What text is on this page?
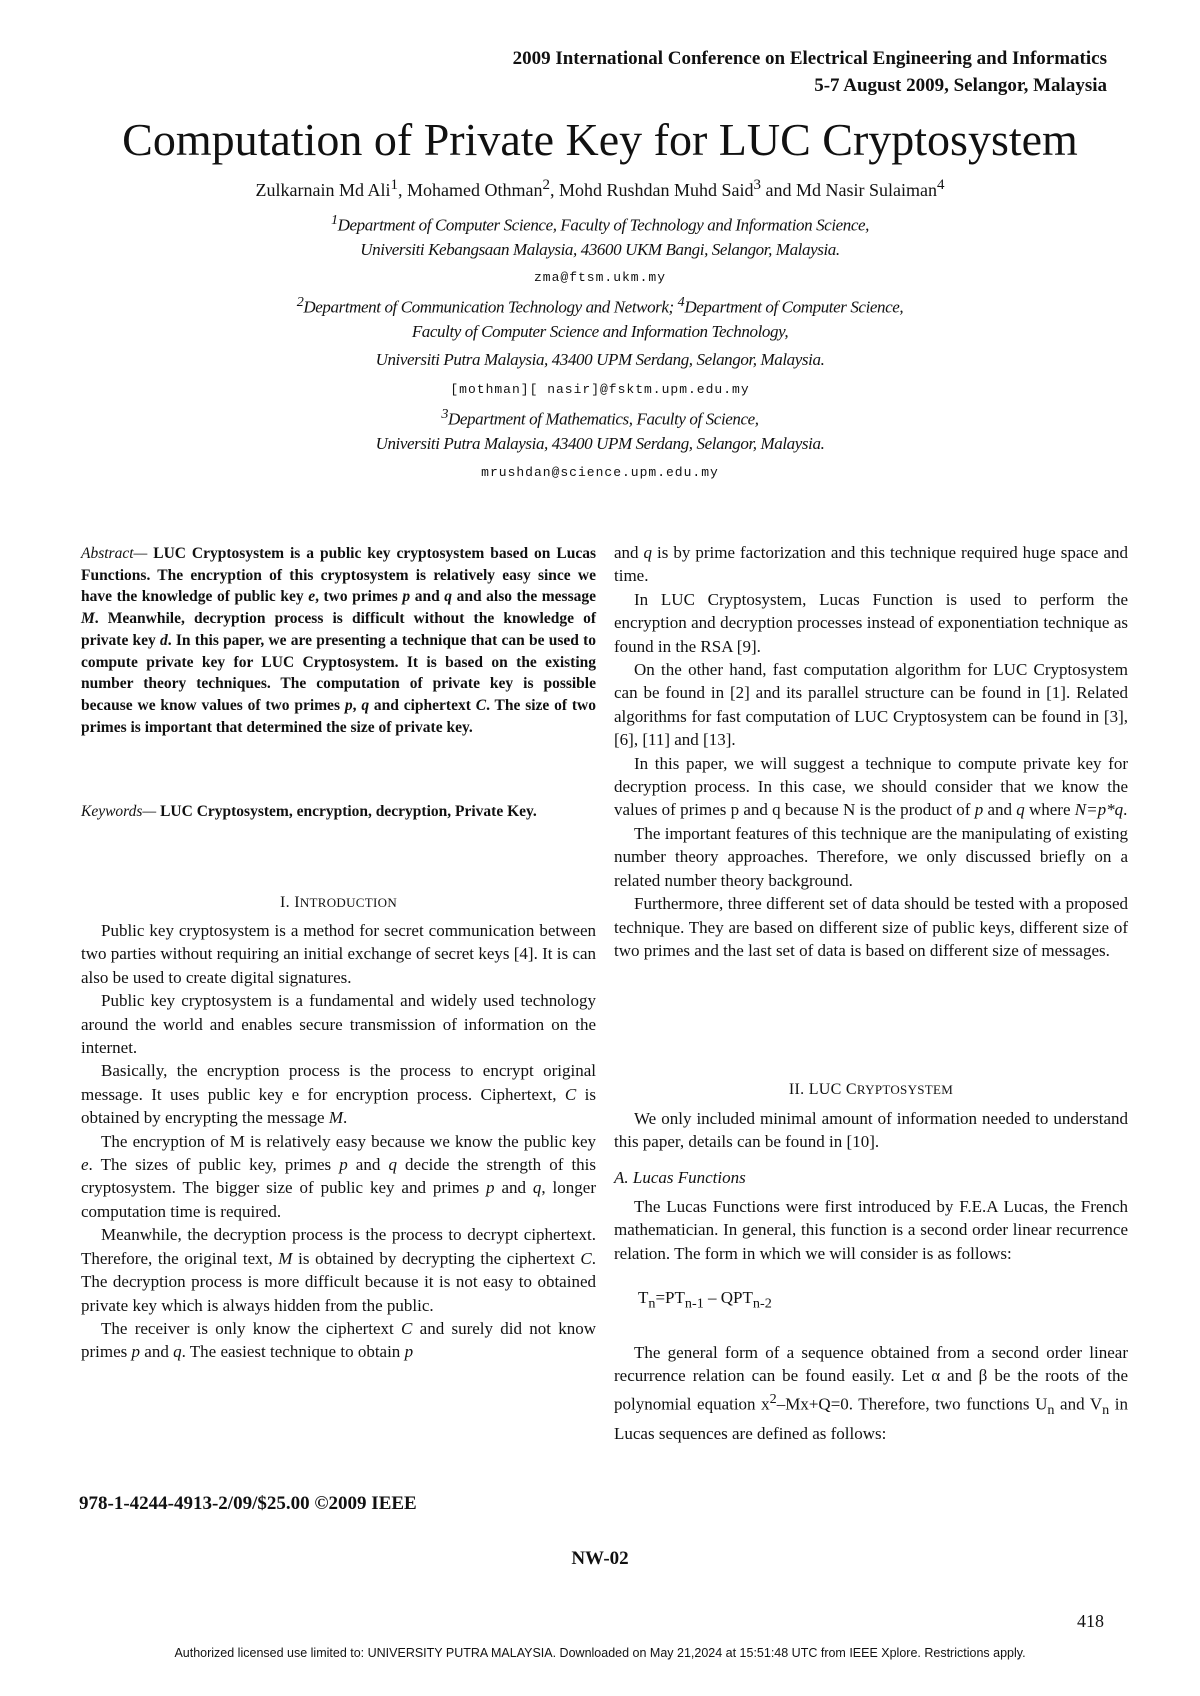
2009 International Conference on Electrical Engineering and Informatics
5-7 August 2009, Selangor, Malaysia
Computation of Private Key for LUC Cryptosystem
Zulkarnain Md Ali$^1$, Mohamed Othman$^2$, Mohd Rushdan Muhd Said$^3$ and Md Nasir Sulaiman$^4$
$^1$Department of Computer Science, Faculty of Technology and Information Science,
Universiti Kebangsaan Malaysia, 43600 UKM Bangi, Selangor, Malaysia.
zma@ftsm.ukm.my
$^2$Department of Communication Technology and Network; $^4$Department of Computer Science,
Faculty of Computer Science and Information Technology,
Universiti Putra Malaysia, 43400 UPM Serdang, Selangor, Malaysia.
[mothman][ nasir]@fsktm.upm.edu.my
$^3$Department of Mathematics, Faculty of Science,
Universiti Putra Malaysia, 43400 UPM Serdang, Selangor, Malaysia.
mrushdan@science.upm.edu.my
Abstract— LUC Cryptosystem is a public key cryptosystem based on Lucas Functions. The encryption of this cryptosystem is relatively easy since we have the knowledge of public key e, two primes p and q and also the message M. Meanwhile, decryption process is difficult without the knowledge of private key d. In this paper, we are presenting a technique that can be used to compute private key for LUC Cryptosystem. It is based on the existing number theory techniques. The computation of private key is possible because we know values of two primes p, q and ciphertext C. The size of two primes is important that determined the size of private key.
Keywords— LUC Cryptosystem, encryption, decryption, Private Key.
I. INTRODUCTION

Public key cryptosystem is a method for secret communication between two parties without requiring an initial exchange of secret keys [4]. It is can also be used to create digital signatures.

Public key cryptosystem is a fundamental and widely used technology around the world and enables secure transmission of information on the internet.

Basically, the encryption process is the process to encrypt original message. It uses public key e for encryption process. Ciphertext, C is obtained by encrypting the message M.

The encryption of M is relatively easy because we know the public key e. The sizes of public key, primes p and q decide the strength of this cryptosystem. The bigger size of public key and primes p and q, longer computation time is required.

Meanwhile, the decryption process is the process to decrypt ciphertext. Therefore, the original text, M is obtained by decrypting the ciphertext C. The decryption process is more difficult because it is not easy to obtained private key which is always hidden from the public.

The receiver is only know the ciphertext C and surely did not know primes p and q. The easiest technique to obtain p

and q is by prime factorization and this technique required huge space and time.

In LUC Cryptosystem, Lucas Function is used to perform the encryption and decryption processes instead of exponentiation technique as found in the RSA [9].

On the other hand, fast computation algorithm for LUC Cryptosystem can be found in [2] and its parallel structure can be found in [1]. Related algorithms for fast computation of LUC Cryptosystem can be found in [3], [6], [11] and [13].

In this paper, we will suggest a technique to compute private key for decryption process. In this case, we should consider that we know the values of primes p and q because N is the product of p and q where N=p*q.

The important features of this technique are the manipulating of existing number theory approaches. Therefore, we only discussed briefly on a related number theory background.

Furthermore, three different set of data should be tested with a proposed technique. They are based on different size of public keys, different size of two primes and the last set of data is based on different size of messages.

II. LUC CRYPTOSYSTEM

We only included minimal amount of information needed to understand this paper, details can be found in [10].

A. Lucas Functions

The Lucas Functions were first introduced by F.E.A Lucas, the French mathematician. In general, this function is a second order linear recurrence relation. The form in which we will consider is as follows:

$T_n=PT_{n-1} - QPT_{n-2}$

The general form of a sequence obtained from a second order linear recurrence relation can be found easily. Let α and β be the roots of the polynomial equation $x^2-Mx+Q=0$. Therefore, two functions $U_n$ and $V_n$ in Lucas sequences are defined as follows:

978-1-4244-4913-2/09/$25.00 ©2009 IEEE
NW-02
418
Authorized licensed use limited to: UNIVERSITY PUTRA MALAYSIA. Downloaded on May 21,2024 at 15:51:48 UTC from IEEE Xplore. Restrictions apply.
